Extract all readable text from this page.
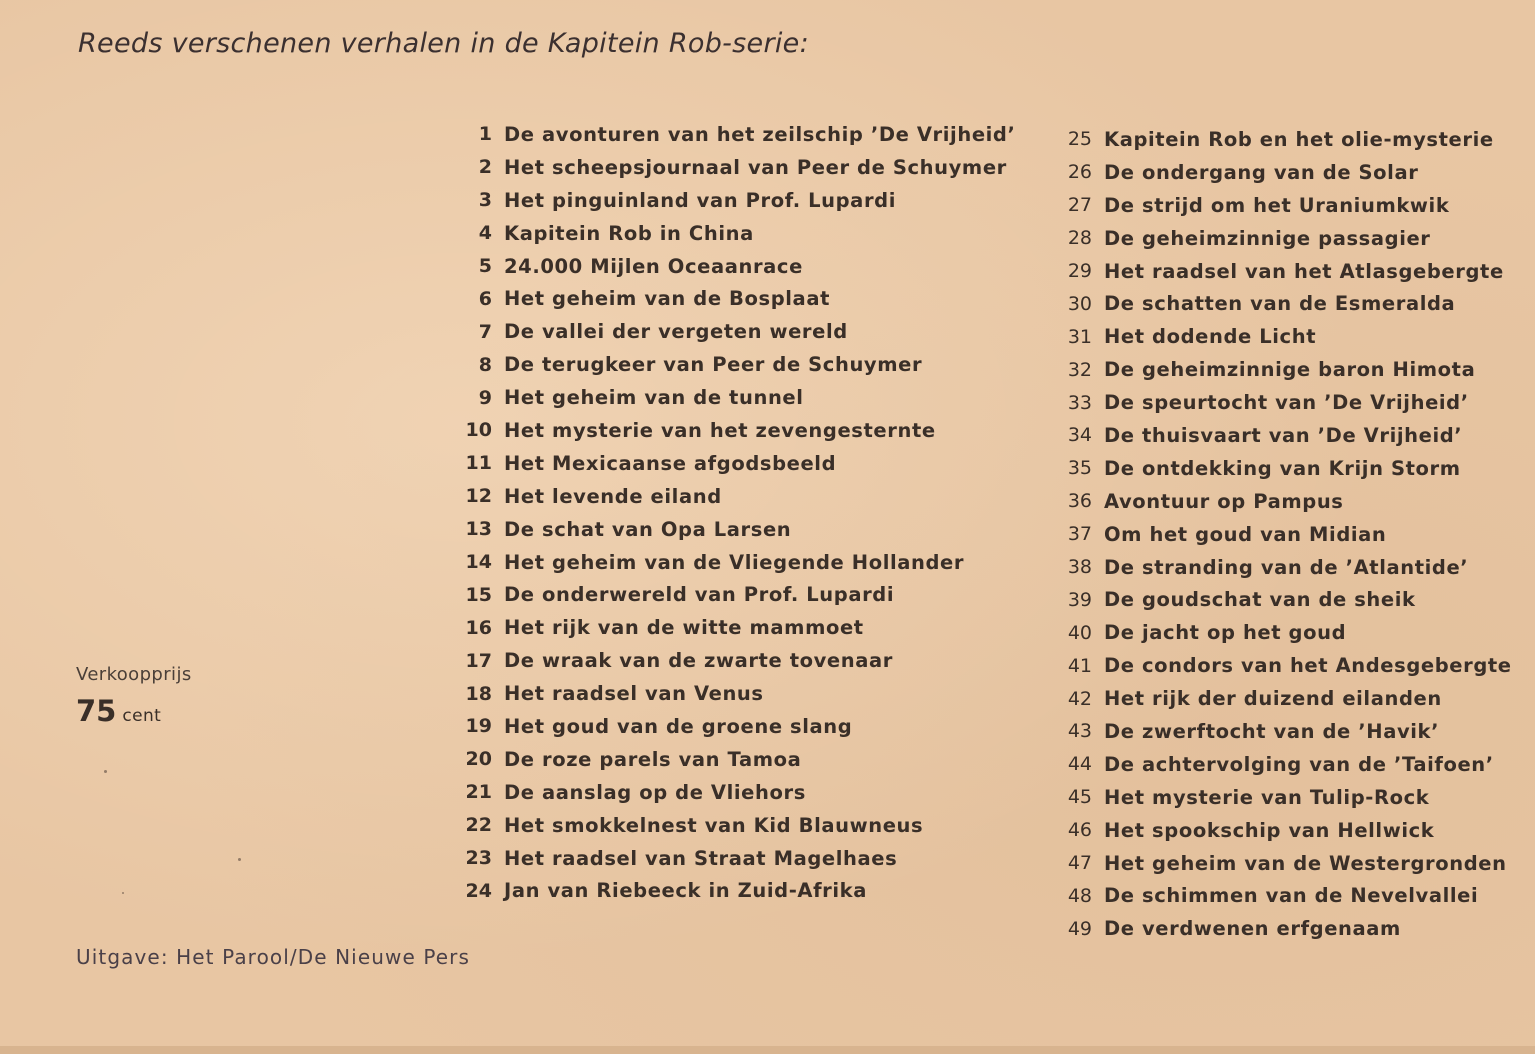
Reeds verschenen verhalen in de Kapitein Rob-serie:
1 De avonturen van het zeilschip ’De Vrijheid’
2 Het scheepsjournaal van Peer de Schuymer
3 Het pinguinland van Prof. Lupardi
4 Kapitein Rob in China
5 24.000 Mijlen Oceaanrace
6 Het geheim van de Bosplaat
7 De vallei der vergeten wereld
8 De terugkeer van Peer de Schuymer
9 Het geheim van de tunnel
10 Het mysterie van het zevengesternte
11 Het Mexicaanse afgodsbeeld
12 Het levende eiland
13 De schat van Opa Larsen
14 Het geheim van de Vliegende Hollander
15 De onderwereld van Prof. Lupardi
16 Het rijk van de witte mammoet
17 De wraak van de zwarte tovenaar
18 Het raadsel van Venus
19 Het goud van de groene slang
20 De roze parels van Tamoa
21 De aanslag op de Vliehors
22 Het smokkelnest van Kid Blauwneus
23 Het raadsel van Straat Magelhaes
24 Jan van Riebeeck in Zuid-Afrika
25 Kapitein Rob en het olie-mysterie
26 De ondergang van de Solar
27 De strijd om het Uraniumkwik
28 De geheimzinnige passagier
29 Het raadsel van het Atlasgebergte
30 De schatten van de Esmeralda
31 Het dodende Licht
32 De geheimzinnige baron Himota
33 De speurtocht van ’De Vrijheid’
34 De thuisvaart van ’De Vrijheid’
35 De ontdekking van Krijn Storm
36 Avontuur op Pampus
37 Om het goud van Midian
38 De stranding van de ’Atlantide’
39 De goudschat van de sheik
40 De jacht op het goud
41 De condors van het Andesgebergte
42 Het rijk der duizend eilanden
43 De zwerftocht van de ’Havik’
44 De achtervolging van de ’Taifoen’
45 Het mysterie van Tulip-Rock
46 Het spookschip van Hellwick
47 Het geheim van de Westergronden
48 De schimmen van de Nevelvallei
49 De verdwenen erfgenaam
Verkoopprijs
75 cent
Uitgave: Het Parool/De Nieuwe Pers
